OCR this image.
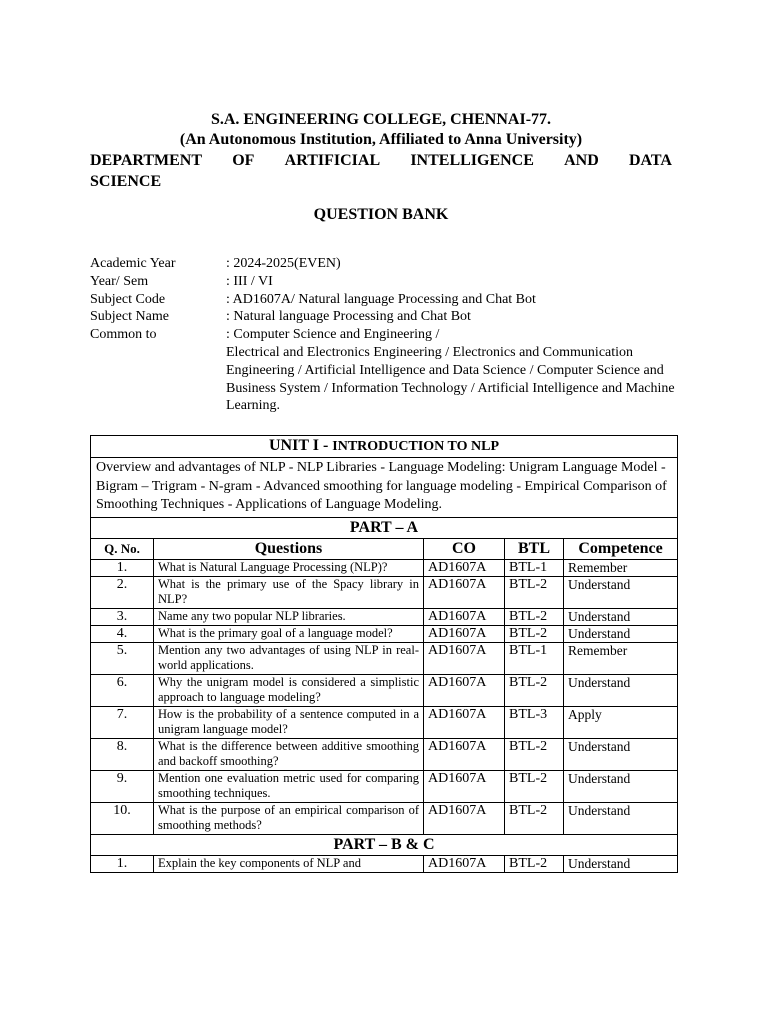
S.A. ENGINEERING COLLEGE, CHENNAI-77.
(An Autonomous Institution, Affiliated to Anna University)
DEPARTMENT OF ARTIFICIAL INTELLIGENCE AND DATA
SCIENCE
QUESTION BANK
Academic Year	: 2024-2025(EVEN)
Year/ Sem	: III / VI
Subject Code	: AD1607A/ Natural language Processing and Chat Bot
Subject Name	: Natural language Processing and Chat Bot
Common to	: Computer Science and Engineering /
Electrical and Electronics Engineering / Electronics and Communication Engineering / Artificial Intelligence and Data Science / Computer Science and Business System / Information Technology / Artificial Intelligence and Machine Learning.
UNIT I - INTRODUCTION TO NLP				
Overview and advantages of NLP - NLP Libraries - Language Modeling: Unigram Language Model - Bigram – Trigram - N-gram - Advanced smoothing for language modeling - Empirical Comparison of Smoothing Techniques - Applications of Language Modeling.				
PART – A				
Q. No.	Questions	CO	BTL	Competence
1.	What is Natural Language Processing (NLP)?	AD1607A	BTL-1	Remember
2.	What is the primary use of the Spacy library in NLP?	AD1607A	BTL-2	Understand
3.	Name any two popular NLP libraries.	AD1607A	BTL-2	Understand
4.	What is the primary goal of a language model?	AD1607A	BTL-2	Understand
5.	Mention any two advantages of using NLP in real-world applications.	AD1607A	BTL-1	Remember
6.	Why the unigram model is considered a simplistic approach to language modeling?	AD1607A	BTL-2	Understand
7.	How is the probability of a sentence computed in a unigram language model?	AD1607A	BTL-3	Apply
8.	What is the difference between additive smoothing and backoff smoothing?	AD1607A	BTL-2	Understand
9.	Mention one evaluation metric used for comparing smoothing techniques.	AD1607A	BTL-2	Understand
10.	What is the purpose of an empirical comparison of smoothing methods?	AD1607A	BTL-2	Understand
PART – B & C				
1.	Explain the key components of NLP and	AD1607A	BTL-2	Understand
